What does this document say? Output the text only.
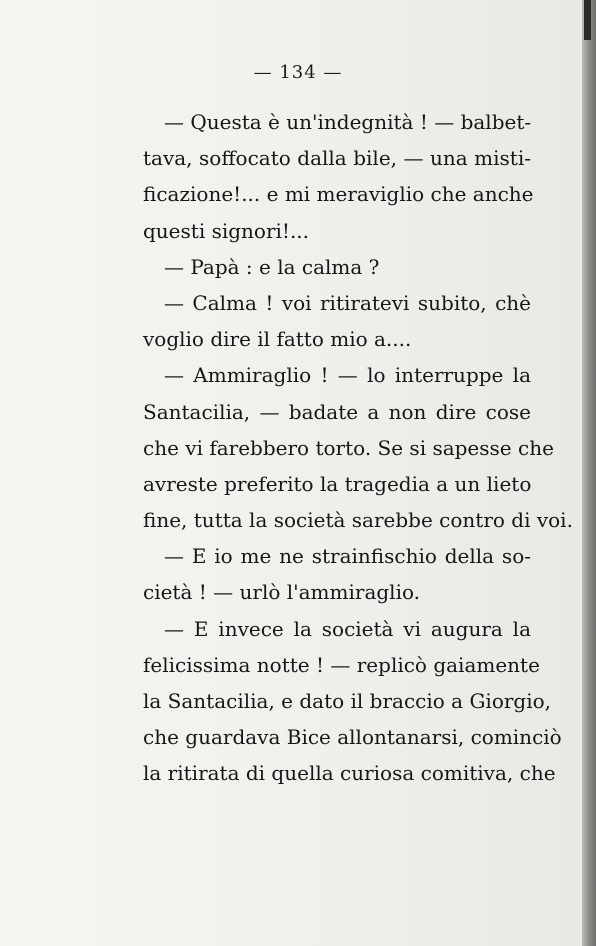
— 134 —
— Questa è un'indegnità ! — balbet-
tava, soffocato dalla bile, — una misti-
ficazione!... e mi meraviglio che anche
questi signori!...
— Papà : e la calma ?
— Calma ! voi ritiratevi subito, chè
voglio dire il fatto mio a....
— Ammiraglio ! — lo interruppe la
Santacilia, — badate a non dire cose
che vi farebbero torto. Se si sapesse che
avreste preferito la tragedia a un lieto
fine, tutta la società sarebbe contro di voi.
— E io me ne strainfischio della so-
cietà ! — urlò l'ammiraglio.
— E invece la società vi augura la
felicissima notte ! — replicò gaiamente
la Santacilia, e dato il braccio a Giorgio,
che guardava Bice allontanarsi, cominciò
la ritirata di quella curiosa comitiva, che
